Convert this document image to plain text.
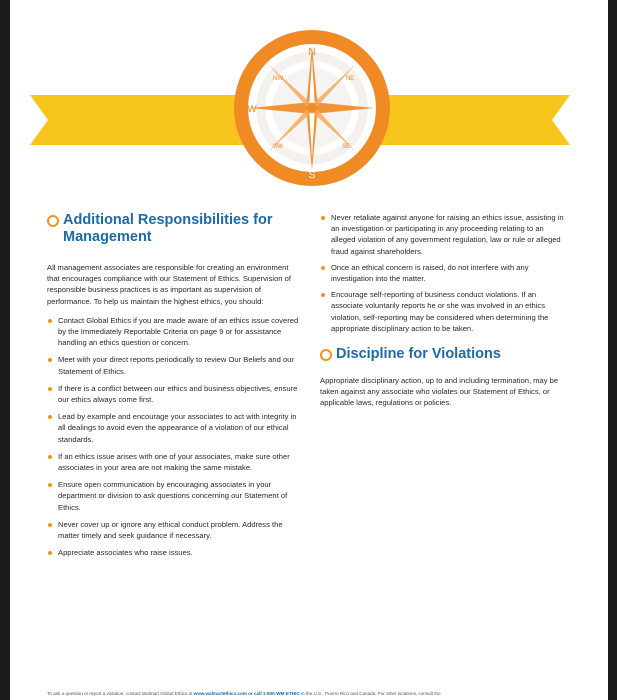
N
E
S
W
NE
SE
SW
NW
Additional Responsibilities for Management

All management associates are responsible for creating an environment that encourages compliance with our Statement of Ethics. Supervision of responsible business practices is as important as supervision of performance. To help us maintain the highest ethics, you should:

Contact Global Ethics if you are made aware of an ethics issue covered by the Immediately Reportable Criteria on page 9 or for assistance handling an ethics question or concern.
Meet with your direct reports periodically to review Our Beliefs and our Statement of Ethics.
If there is a conflict between our ethics and business objectives, ensure our ethics always come first.
Lead by example and encourage your associates to act with integrity in all dealings to avoid even the appearance of a violation of our ethical standards.
If an ethics issue arises with one of your associates, make sure other associates in your area are not making the same mistake.
Ensure open communication by encouraging associates in your department or division to ask questions concerning our Statement of Ethics.
Never cover up or ignore any ethical conduct problem. Address the matter timely and seek guidance if necessary.
Appreciate associates who raise issues.
Never retaliate against anyone for raising an ethics issue, assisting in an investigation or participating in any proceeding relating to an alleged violation of any government regulation, law or rule or alleged fraud against shareholders.
Once an ethical concern is raised, do not interfere with any investigation into the matter.
Encourage self-reporting of business conduct violations. If an associate voluntarily reports he or she was involved in an ethics violation, self-reporting may be considered when determining the appropriate disciplinary action to be taken.
Discipline for Violations

Appropriate disciplinary action, up to and including termination, may be taken against any associate who violates our Statement of Ethics, or applicable laws, regulations or policies.

To ask a question or report a violation, contact Walmart Global Ethics at www.walmartethics.com or call 1-800-WM-ETHIC in the U.S., Puerto Rico and Canada. For other locations, consult the
